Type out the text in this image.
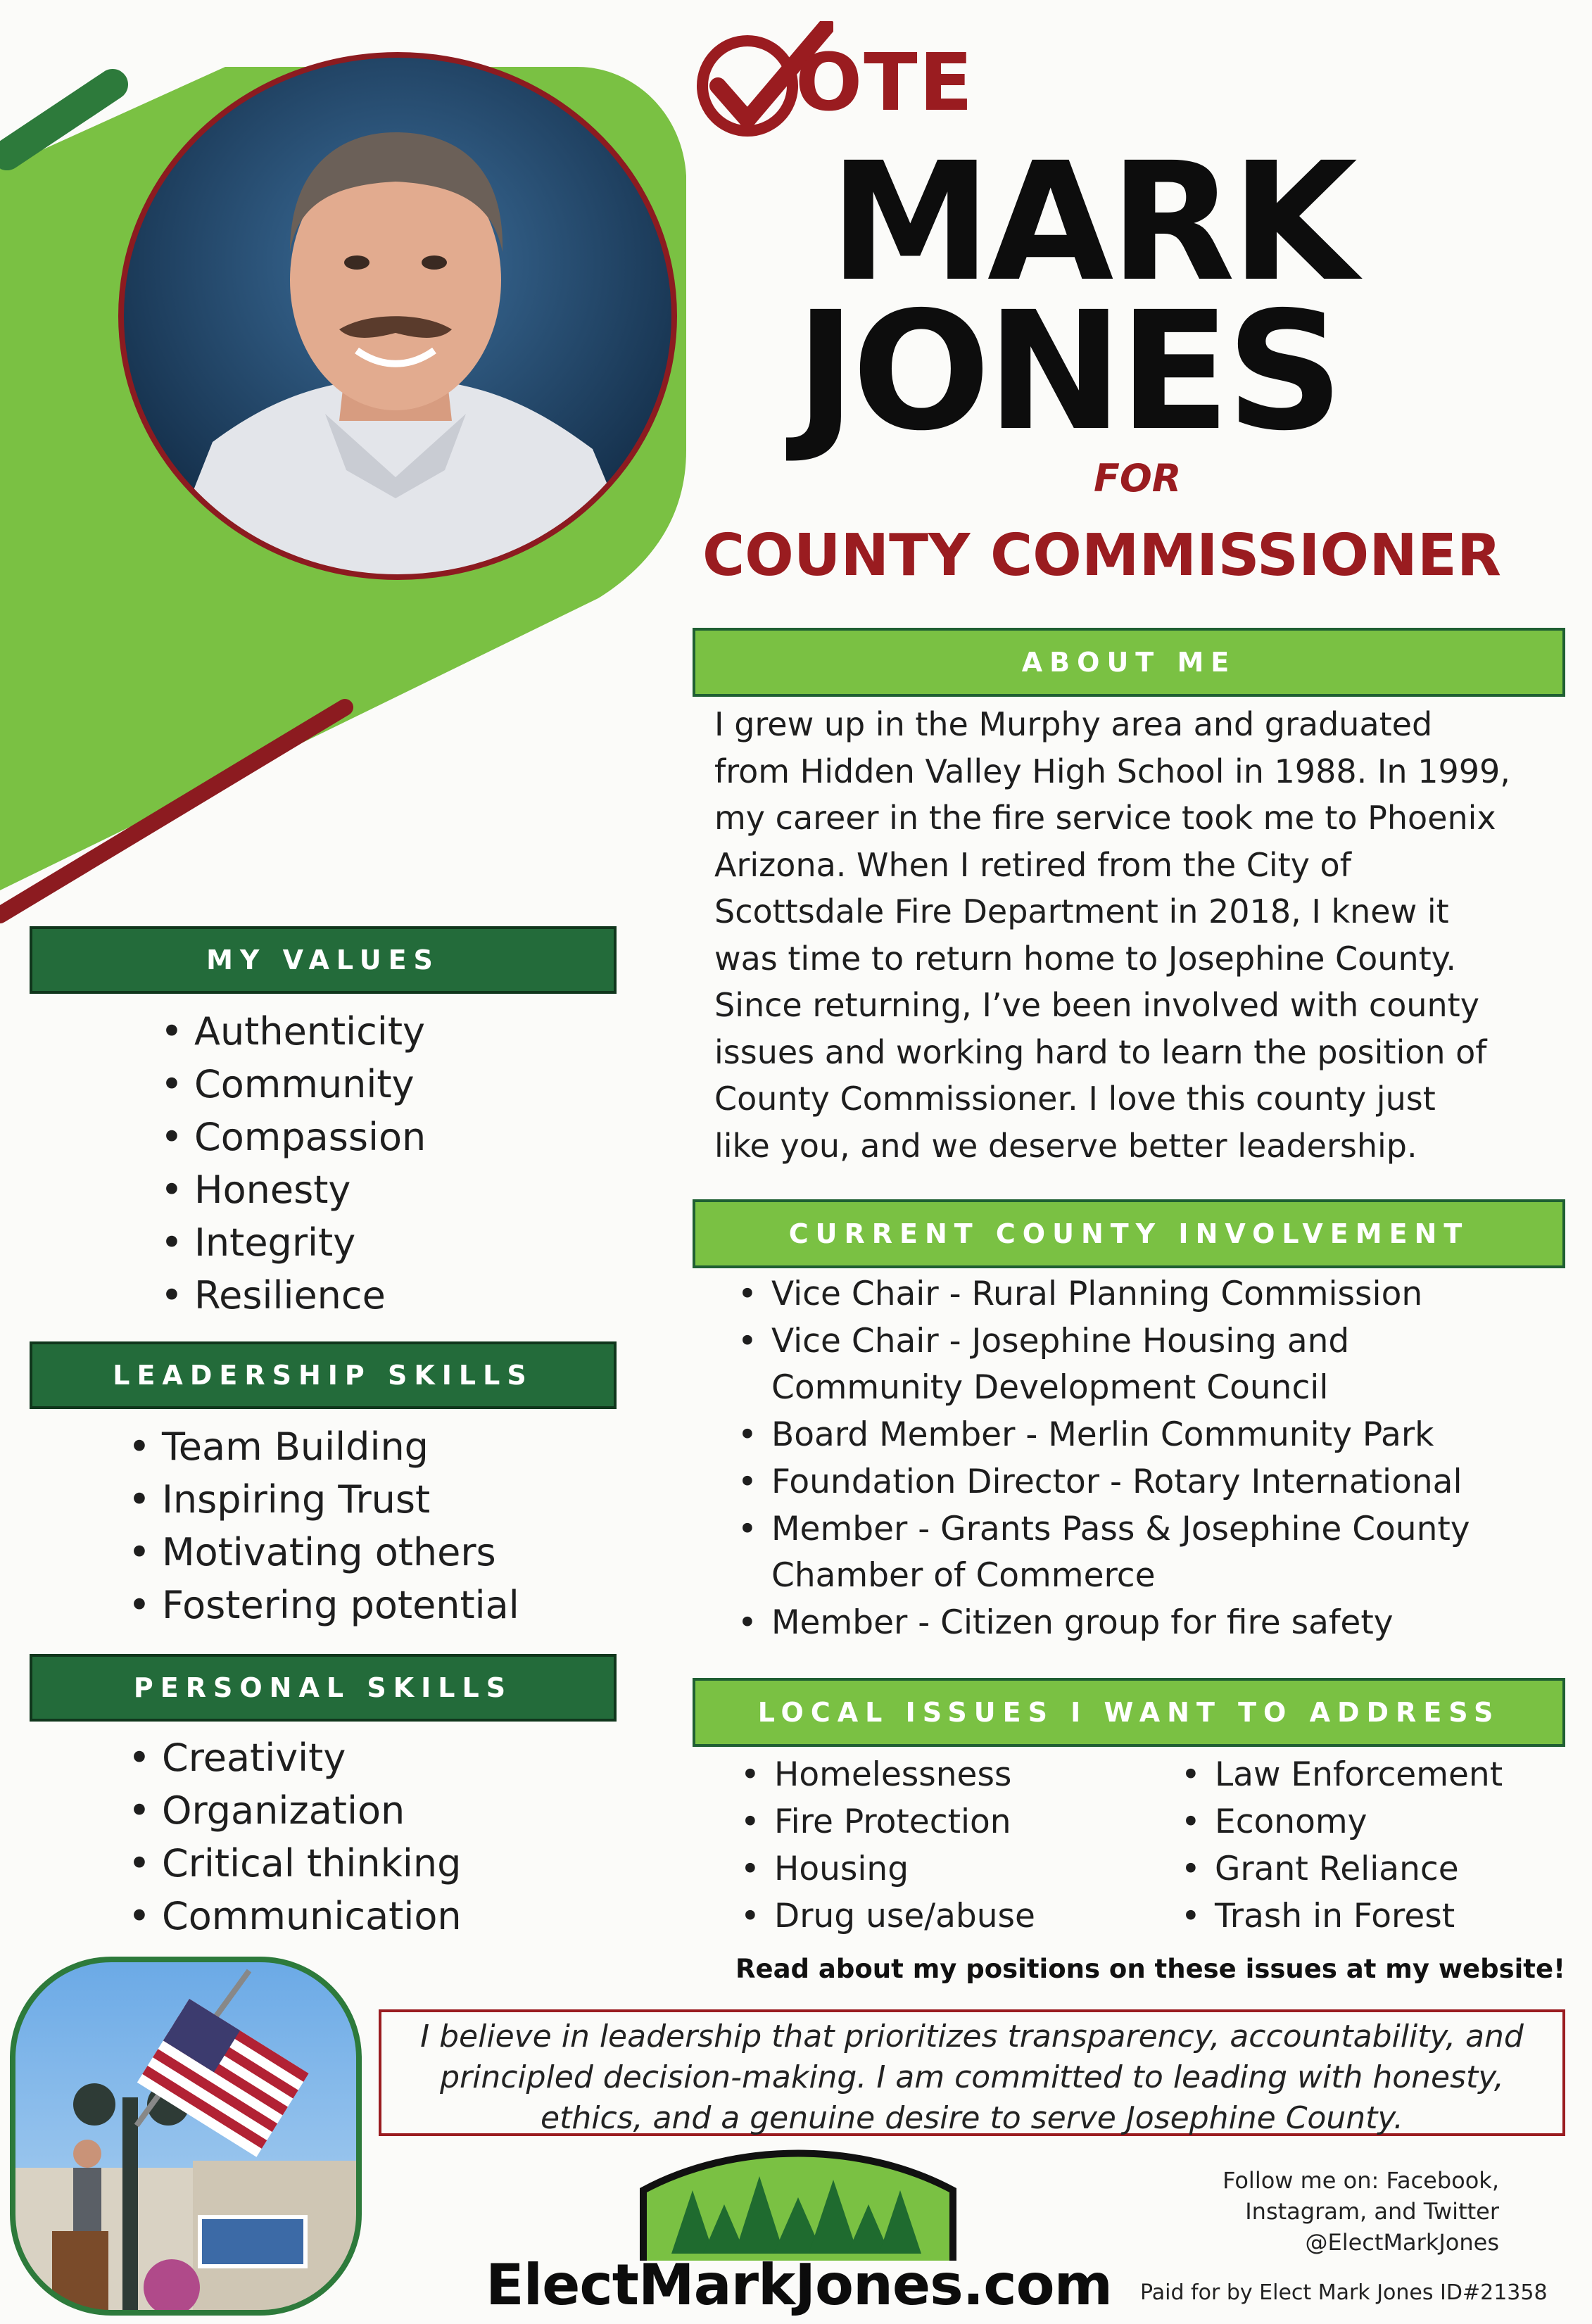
OTE
MARK
JONES
FOR
COUNTY COMMISSIONER
ABOUT ME
I grew up in the Murphy area and graduated
from Hidden Valley High School in 1988. In 1999,
my career in the fire service took me to Phoenix
Arizona. When I retired from the City of
Scottsdale Fire Department in 2018, I knew it
was time to return home to Josephine County.
Since returning, I’ve been involved with county
issues and working hard to learn the position of
County Commissioner. I love this county just
like you, and we deserve better leadership.
MY VALUES
• Authenticity
• Community
• Compassion
• Honesty
• Integrity
• Resilience
LEADERSHIP SKILLS
• Team Building
• Inspiring Trust
• Motivating others
• Fostering potential
PERSONAL SKILLS
• Creativity
• Organization
• Critical thinking
• Communication
CURRENT COUNTY INVOLVEMENT
• Vice Chair - Rural Planning Commission
• Vice Chair - Josephine Housing and
Community Development Council
• Board Member - Merlin Community Park
• Foundation Director - Rotary International
• Member - Grants Pass & Josephine County
Chamber of Commerce
• Member - Citizen group for fire safety
LOCAL ISSUES I WANT TO ADDRESS
• Homelessness
• Fire Protection
• Housing
• Drug use/abuse
• Law Enforcement
• Economy
• Grant Reliance
• Trash in Forest
Read about my positions on these issues at my website!
I believe in leadership that prioritizes transparency, accountability, and
principled decision-making. I am committed to leading with honesty,
ethics, and a genuine desire to serve Josephine County.
Follow me on: Facebook,
Instagram, and Twitter
@ElectMarkJones
ElectMarkJones.com Paid for by Elect Mark Jones ID#21358
